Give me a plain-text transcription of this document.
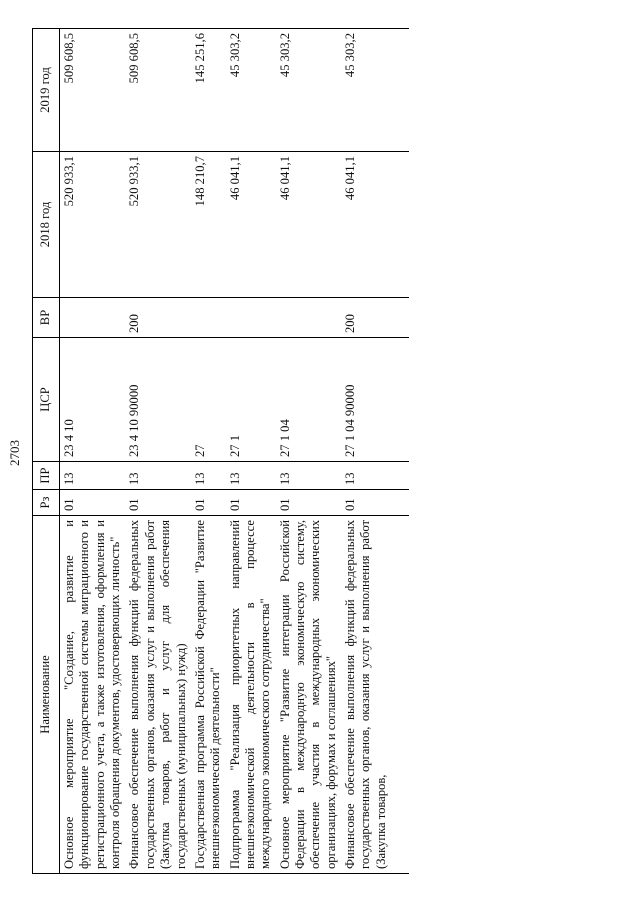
2703
Наименование	Рз	ПР	ЦСР	ВР	2018 год	2019 год
Основное мероприятие "Создание, развитие и функционирование государственной системы миграционного и регистрационного учета, а также изготовления, оформления и контроля обращения документов, удостоверяющих личность"	01	13	23 4 10		520 933,1	509 608,5
Финансовое обеспечение выполнения функций федеральных государственных органов, оказания услуг и выполнения работ (Закупка товаров, работ и услуг для обеспечения государственных (муниципальных) нужд)	01	13	23 4 10 90000	200	520 933,1	509 608,5
Государственная программа Российской Федерации "Развитие внешнеэкономической деятельности"	01	13	27		148 210,7	145 251,6
Подпрограмма "Реализация приоритетных направлений внешнеэкономической деятельности в процессе международного экономического сотрудничества"	01	13	27 1		46 041,1	45 303,2
Основное мероприятие "Развитие интеграции Российской Федерации в международную экономическую систему, обеспечение участия в международных экономических организациях, форумах и соглашениях"	01	13	27 1 04		46 041,1	45 303,2
Финансовое обеспечение выполнения функций федеральных государственных органов, оказания услуг и выполнения работ (Закупка товаров,	01	13	27 1 04 90000	200	46 041,1	45 303,2
